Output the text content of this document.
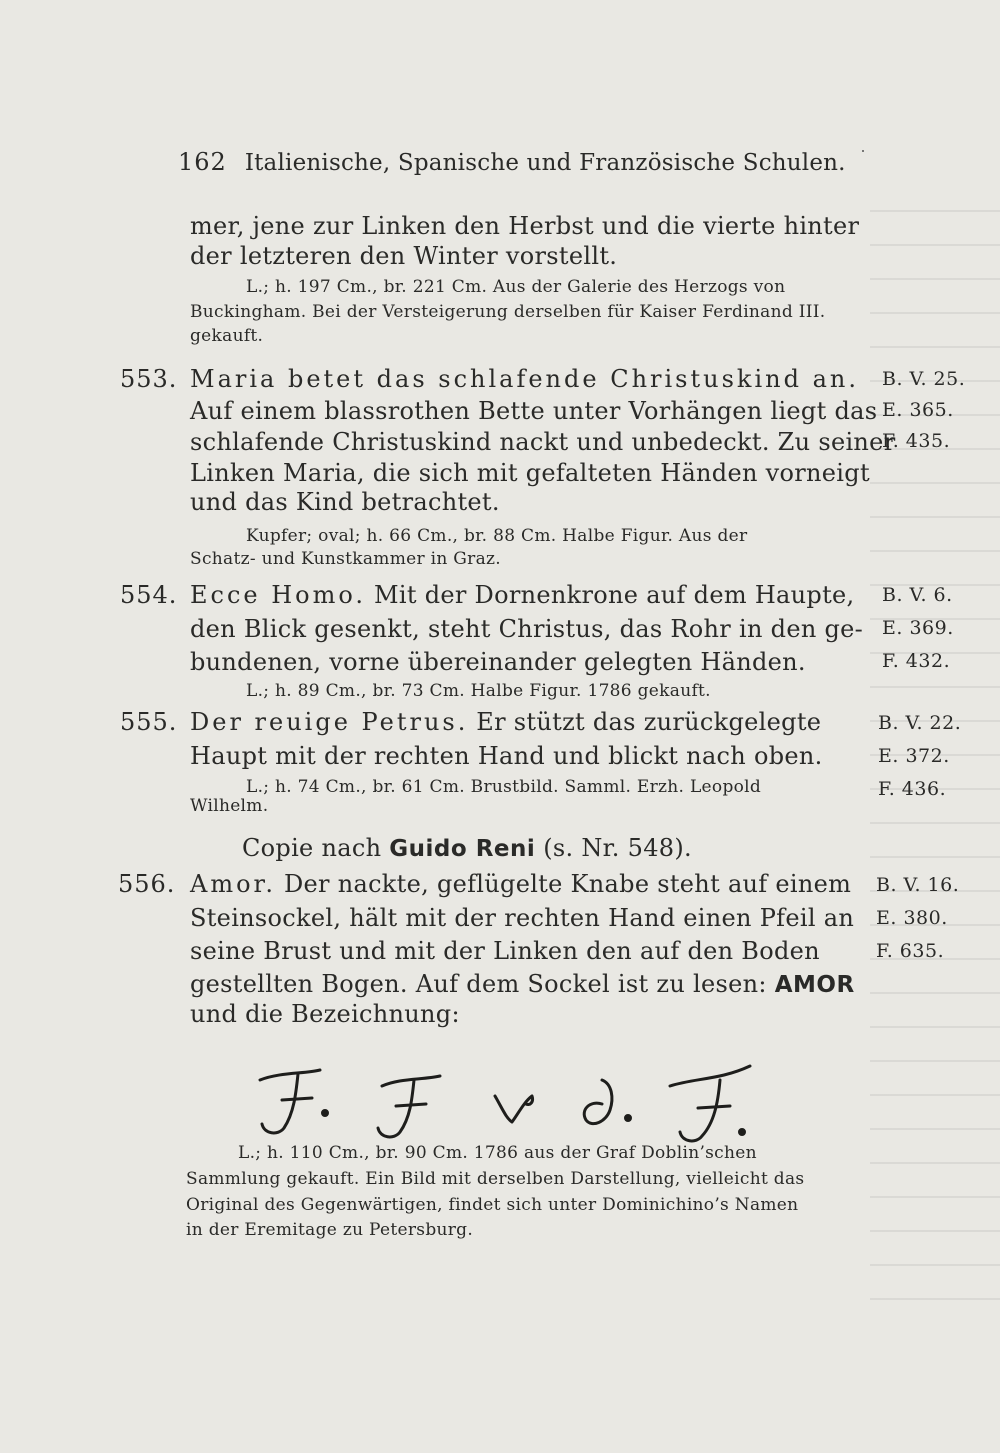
162 Italienische, Spanische und Französische Schulen.
mer, jene zur Linken den Herbst und die vierte hinter
der letzteren den Winter vorstellt.
L.; h. 197 Cm., br. 221 Cm. Aus der Galerie des Herzogs von
Buckingham. Bei der Versteigerung derselben für Kaiser Ferdinand III.
gekauft.
553. Maria betet das schlafende Christuskind an.
Auf einem blassrothen Bette unter Vorhängen liegt das
schlafende Christuskind nackt und unbedeckt. Zu seiner
Linken Maria, die sich mit gefalteten Händen vorneigt
und das Kind betrachtet.
Kupfer; oval; h. 66 Cm., br. 88 Cm. Halbe Figur. Aus der
Schatz- und Kunstkammer in Graz.
B. V. 25.
E. 365.
F. 435.
554. Ecce Homo. Mit der Dornenkrone auf dem Haupte,
den Blick gesenkt, steht Christus, das Rohr in den ge-
bundenen, vorne übereinander gelegten Händen.
L.; h. 89 Cm., br. 73 Cm. Halbe Figur. 1786 gekauft.
B. V. 6.
E. 369.
F. 432.
555. Der reuige Petrus. Er stützt das zurückgelegte
Haupt mit der rechten Hand und blickt nach oben.
L.; h. 74 Cm., br. 61 Cm. Brustbild. Samml. Erzh. Leopold
Wilhelm.
B. V. 22.
E. 372.
F. 436.
Copie nach Guido Reni (s. Nr. 548).
556. Amor. Der nackte, geflügelte Knabe steht auf einem
Steinsockel, hält mit der rechten Hand einen Pfeil an
seine Brust und mit der Linken den auf den Boden
gestellten Bogen. Auf dem Sockel ist zu lesen: AMOR
und die Bezeichnung:
L.; h. 110 Cm., br. 90 Cm. 1786 aus der Graf Doblin’schen
Sammlung gekauft. Ein Bild mit derselben Darstellung, vielleicht das
Original des Gegenwärtigen, findet sich unter Dominichino’s Namen
in der Eremitage zu Petersburg.
B. V. 16.
E. 380.
F. 635.
